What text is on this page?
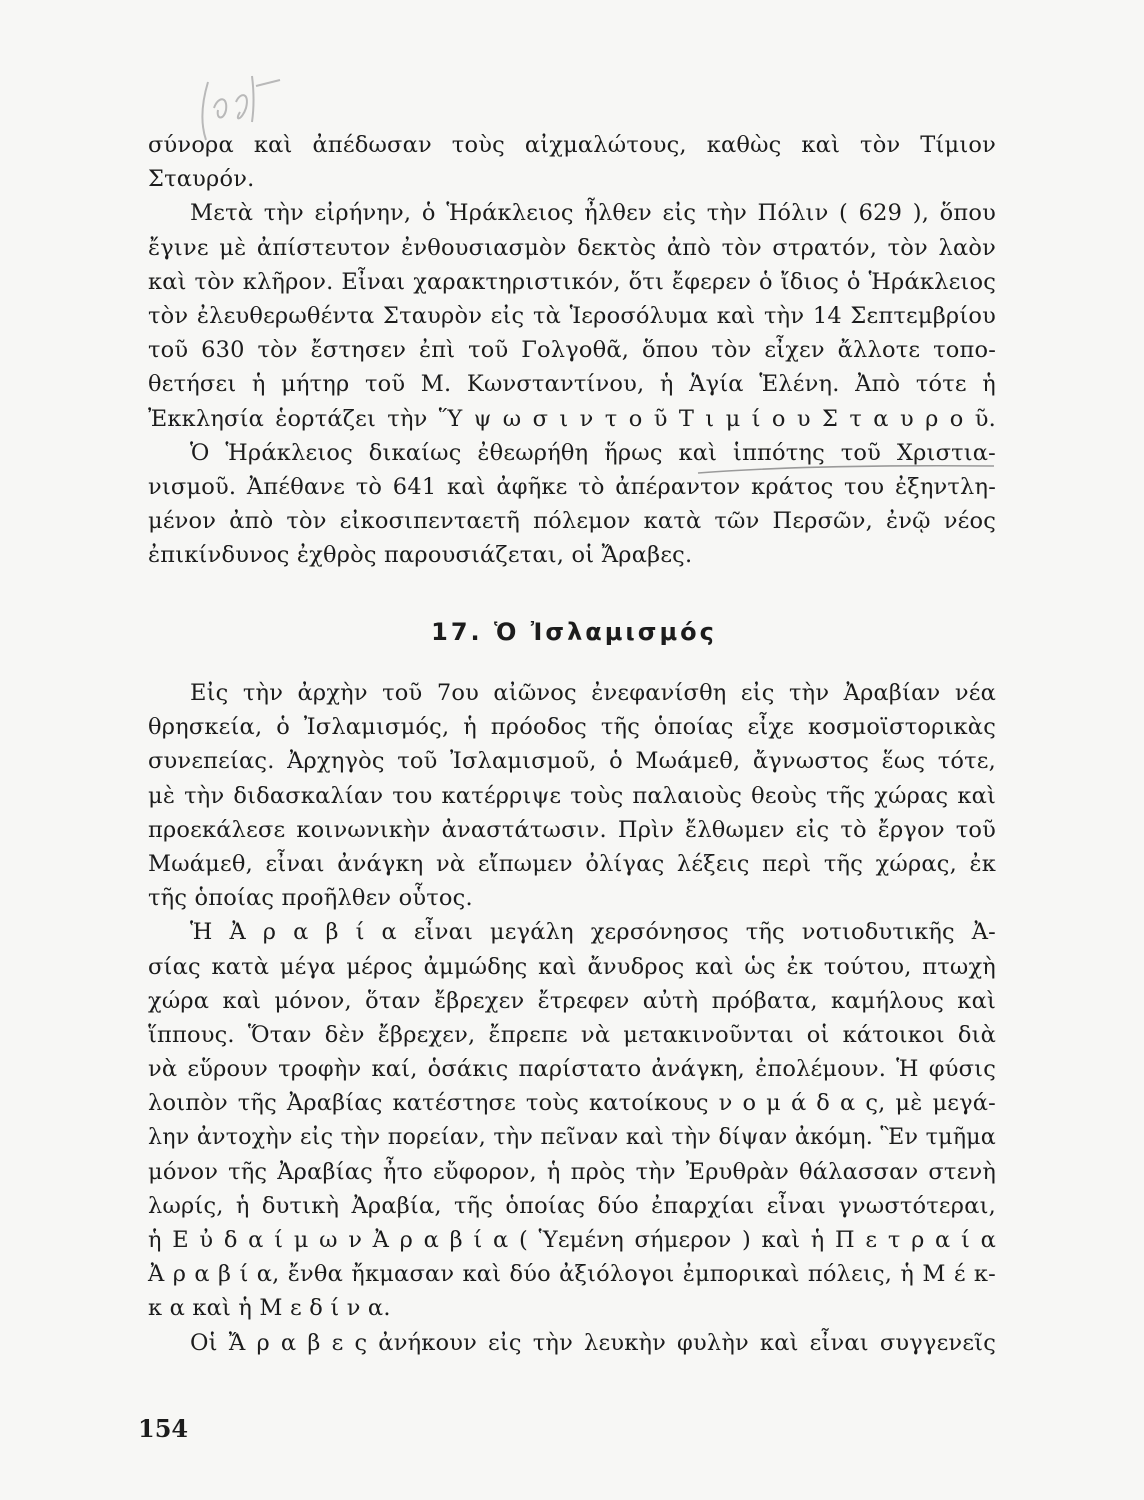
σύνορα καὶ ἀπέδωσαν τοὺς αἰχμαλώτους, καθὼς καὶ τὸν Τίμιον
Σταυρόν.
Μετὰ τὴν εἰρήνην, ὁ Ἡράκλειος ἦλθεν εἰς τὴν Πόλιν ( 629 ), ὅπου
ἔγινε μὲ ἀπίστευτον ἐνθουσιασμὸν δεκτὸς ἀπὸ τὸν στρατόν, τὸν λαὸν
καὶ τὸν κλῆρον. Εἶναι χαρακτηριστικόν, ὅτι ἔφερεν ὁ ἴδιος ὁ Ἡράκλειος
τὸν ἐλευθερωθέντα Σταυρὸν εἰς τὰ Ἱεροσόλυμα καὶ τὴν 14 Σεπτεμβρίου
τοῦ 630 τὸν ἔστησεν ἐπὶ τοῦ Γολγοθᾶ, ὅπου τὸν εἶχεν ἄλλοτε τοπο-
θετήσει ἡ μήτηρ τοῦ Μ. Κωνσταντίνου, ἡ Ἁγία Ἑλένη. Ἀπὸ τότε ἡ
Ἐκκλησία ἑορτάζει τὴν Ὕ ψ ω σ ι ν τ ο ῦ Τ ι μ ί ο υ Σ τ α υ ρ ο ῦ.
Ὁ Ἡράκλειος δικαίως ἐθεωρήθη ἥρως καὶ ἱππότης τοῦ Χριστια-
νισμοῦ. Ἀπέθανε τὸ 641 καὶ ἀφῆκε τὸ ἀπέραντον κράτος του ἐξηντλη-
μένον ἀπὸ τὸν εἰκοσιπενταετῆ πόλεμον κατὰ τῶν Περσῶν, ἐνῷ νέος
ἐπικίνδυνος ἐχθρὸς παρουσιάζεται, οἱ Ἄραβες.
17. Ὁ Ἰσλαμισμός
Εἰς τὴν ἀρχὴν τοῦ 7ου αἰῶνος ἐνεφανίσθη εἰς τὴν Ἀραβίαν νέα
θρησκεία, ὁ Ἰσλαμισμός, ἡ πρόοδος τῆς ὁποίας εἶχε κοσμοϊστορικὰς
συνεπείας. Ἀρχηγὸς τοῦ Ἰσλαμισμοῦ, ὁ Μωάμεθ, ἄγνωστος ἕως τότε,
μὲ τὴν διδασκαλίαν του κατέρριψε τοὺς παλαιοὺς θεοὺς τῆς χώρας καὶ
προεκάλεσε κοινωνικὴν ἀναστάτωσιν. Πρὶν ἔλθωμεν εἰς τὸ ἔργον τοῦ
Μωάμεθ, εἶναι ἀνάγκη νὰ εἴπωμεν ὀλίγας λέξεις περὶ τῆς χώρας, ἐκ
τῆς ὁποίας προῆλθεν οὗτος.
Ἡ Ἀ ρ α β ί α εἶναι μεγάλη χερσόνησος τῆς νοτιοδυτικῆς Ἀ-
σίας κατὰ μέγα μέρος ἀμμώδης καὶ ἄνυδρος καὶ ὡς ἐκ τούτου, πτωχὴ
χώρα καὶ μόνον, ὅταν ἔβρεχεν ἔτρεφεν αὐτὴ πρόβατα, καμήλους καὶ
ἵππους. Ὅταν δὲν ἔβρεχεν, ἔπρεπε νὰ μετακινοῦνται οἱ κάτοικοι διὰ
νὰ εὕρουν τροφὴν καί, ὁσάκις παρίστατο ἀνάγκη, ἐπολέμουν. Ἡ φύσις
λοιπὸν τῆς Ἀραβίας κατέστησε τοὺς κατοίκους ν ο μ ά δ α ς, μὲ μεγά-
λην ἀντοχὴν εἰς τὴν πορείαν, τὴν πεῖναν καὶ τὴν δίψαν ἀκόμη. Ἓν τμῆμα
μόνον τῆς Ἀραβίας ἦτο εὔφορον, ἡ πρὸς τὴν Ἐρυθρὰν θάλασσαν στενὴ
λωρίς, ἡ δυτικὴ Ἀραβία, τῆς ὁποίας δύο ἐπαρχίαι εἶναι γνωστότεραι,
ἡ Ε ὐ δ α ί μ ω ν Ἀ ρ α β ί α ( Ὑεμένη σήμερον ) καὶ ἡ Π ε τ ρ α ί α
Ἀ ρ α β ί α, ἔνθα ἤκμασαν καὶ δύο ἀξιόλογοι ἐμπορικαὶ πόλεις, ἡ Μ έ κ-
κ α καὶ ἡ Μ ε δ ί ν α.
Οἱ Ἄ ρ α β ε ς ἀνήκουν εἰς τὴν λευκὴν φυλὴν καὶ εἶναι συγγενεῖς
154
